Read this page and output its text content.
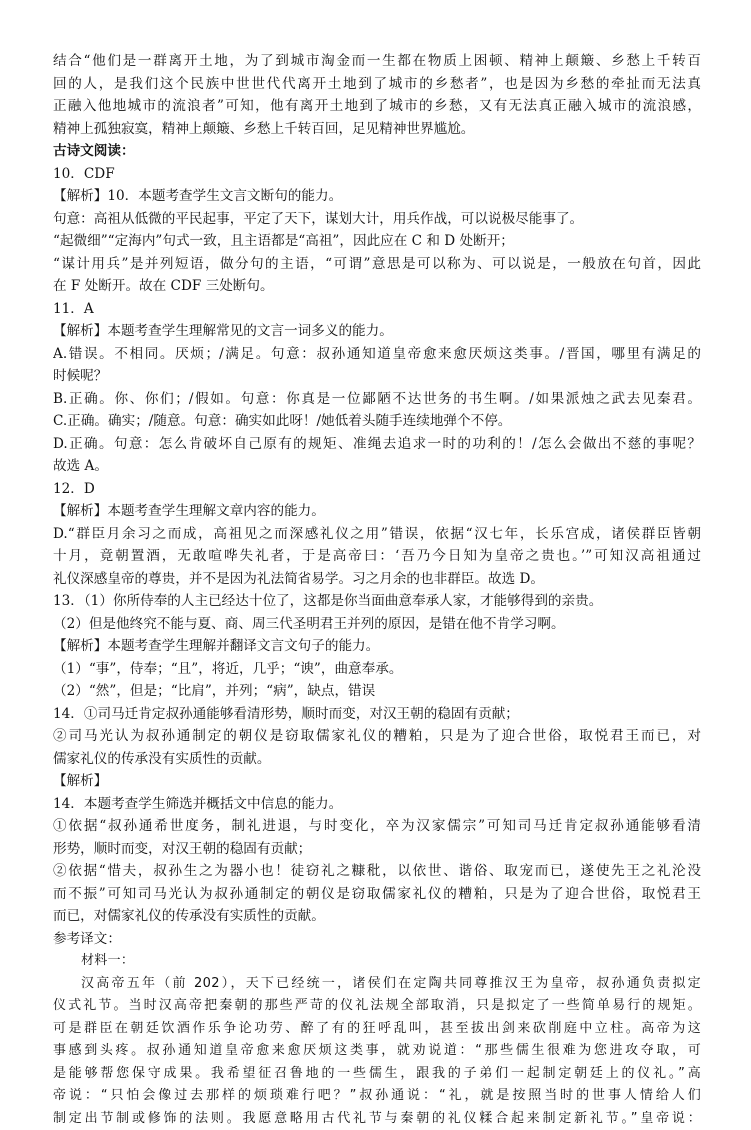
结合“他们是一群离开土地，为了到城市淘金而一生都在物质上困顿、精神上颠簸、乡愁上千转百
回的人，是我们这个民族中世世代代离开土地到了城市的乡愁者”，也是因为乡愁的牵扯而无法真
正融入他地城市的流浪者”可知，他有离开土地到了城市的乡愁，又有无法真正融入城市的流浪感，
精神上孤独寂寞，精神上颠簸、乡愁上千转百回，足见精神世界尴尬。
古诗文阅读：
10．CDF
【解析】10．本题考查学生文言文断句的能力。
句意：高祖从低微的平民起事，平定了天下，谋划大计，用兵作战，可以说极尽能事了。
“起微细”“定海内”句式一致，且主语都是“高祖”，因此应在 C 和 D 处断开；
“谋计用兵”是并列短语，做分句的主语，“可谓”意思是可以称为、可以说是，一般放在句首，因此
在 F 处断开。故在 CDF 三处断句。
11．A
【解析】本题考查学生理解常见的文言一词多义的能力。
A.错误。不相同。厌烦；/满足。句意：叔孙通知道皇帝愈来愈厌烦这类事。/晋国，哪里有满足的
时候呢？
B.正确。你、你们；/假如。句意：你真是一位鄙陋不达世务的书生啊。/如果派烛之武去见秦君。
C.正确。确实；/随意。句意：确实如此呀！/她低着头随手连续地弹个不停。
D.正确。句意：怎么肯破坏自己原有的规矩、准绳去追求一时的功利的！/怎么会做出不慈的事呢？
故选 A。
12．D
【解析】本题考查学生理解文章内容的能力。
D.“群臣月余习之而成，高祖见之而深感礼仪之用”错误，依据“汉七年，长乐宫成，诸侯群臣皆朝
十月，竟朝置酒，无敢喧哗失礼者，于是高帝曰：‘吾乃今日知为皇帝之贵也。’”可知汉高祖通过
礼仪深感皇帝的尊贵，并不是因为礼法简省易学。习之月余的也非群臣。故选 D。
13．（1）你所侍奉的人主已经达十位了，这都是你当面曲意奉承人家，才能够得到的亲贵。
（2）但是他终究不能与夏、商、周三代圣明君王并列的原因，是错在他不肯学习啊。
【解析】本题考查学生理解并翻译文言文句子的能力。
（1）“事”，侍奉；“且”，将近，几乎；“谀”，曲意奉承。
（2）“然”，但是；“比肩”，并列；“病”，缺点，错误
14．①司马迁肯定叔孙通能够看清形势，顺时而变，对汉王朝的稳固有贡献；
②司马光认为叔孙通制定的朝仪是窃取儒家礼仪的糟粕，只是为了迎合世俗，取悦君王而已，对
儒家礼仪的传承没有实质性的贡献。
【解析】
14．本题考查学生筛选并概括文中信息的能力。
①依据“叔孙通希世度务，制礼进退，与时变化，卒为汉家儒宗”可知司马迁肯定叔孙通能够看清
形势，顺时而变，对汉王朝的稳固有贡献；
②依据“惜夫，叔孙生之为器小也！徒窃礼之糠秕，以依世、谐俗、取宠而已，遂使先王之礼沦没
而不振”可知司马光认为叔孙通制定的朝仪是窃取儒家礼仪的糟粕，只是为了迎合世俗，取悦君王
而已，对儒家礼仪的传承没有实质性的贡献。
参考译文：
材料一：
汉高帝五年（前 202），天下已经统一，诸侯们在定陶共同尊推汉王为皇帝，叔孙通负责拟定
仪式礼节。当时汉高帝把秦朝的那些严苛的仪礼法规全部取消，只是拟定了一些简单易行的规矩。
可是群臣在朝廷饮酒作乐争论功劳、醉了有的狂呼乱叫，甚至拔出剑来砍削庭中立柱。高帝为这
事感到头疼。叔孙通知道皇帝愈来愈厌烦这类事，就劝说道：“那些儒生很难为您进攻夺取，可
是能够帮您保守成果。我希望征召鲁地的一些儒生，跟我的子弟们一起制定朝廷上的仪礼。”高
帝说：“只怕会像过去那样的烦琐难行吧？”叔孙通说：“礼，就是按照当时的世事人情给人们
制定出节制或修饰的法则。我愿意略用古代礼节与秦朝的礼仪糅合起来制定新礼节。”皇帝说：
